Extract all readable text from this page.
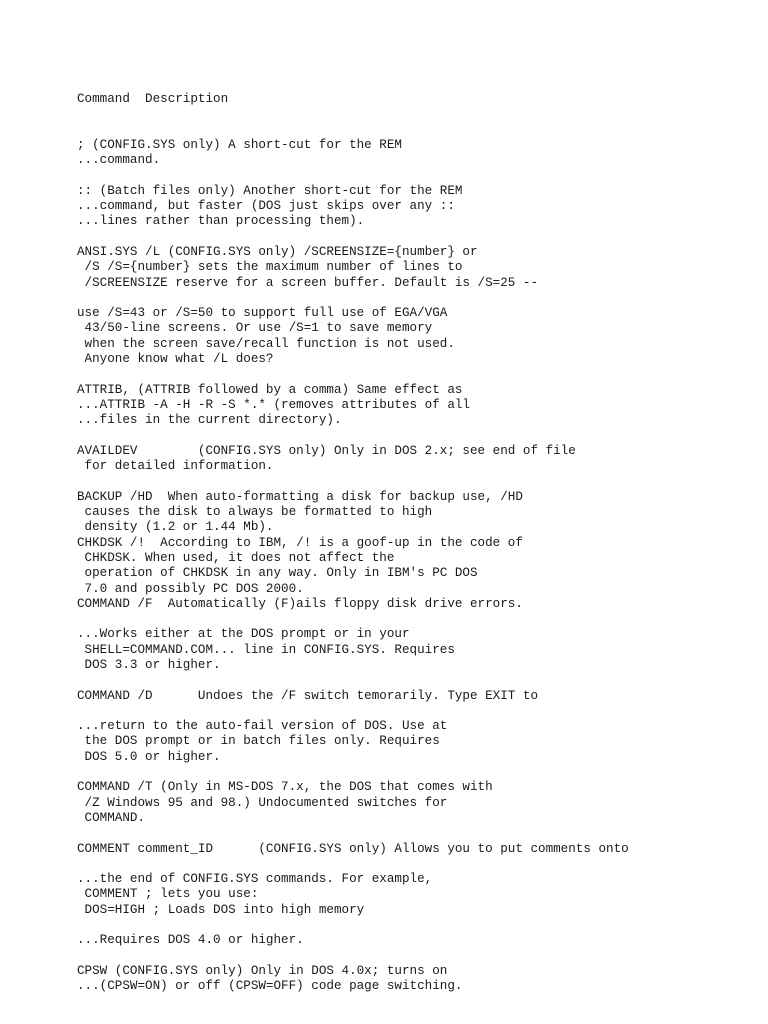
Command  Description
; (CONFIG.SYS only) A short-cut for the REM
...command.
:: (Batch files only) Another short-cut for the REM
...command, but faster (DOS just skips over any ::
...lines rather than processing them).
ANSI.SYS /L (CONFIG.SYS only) /SCREENSIZE={number} or
/S /S={number} sets the maximum number of lines to
/SCREENSIZE reserve for a screen buffer. Default is /S=25 --
use /S=43 or /S=50 to support full use of EGA/VGA
43/50-line screens. Or use /S=1 to save memory
when the screen save/recall function is not used.
Anyone know what /L does?
ATTRIB, (ATTRIB followed by a comma) Same effect as
...ATTRIB -A -H -R -S *.* (removes attributes of all
...files in the current directory).
AVAILDEV        (CONFIG.SYS only) Only in DOS 2.x; see end of file
for detailed information.
BACKUP /HD  When auto-formatting a disk for backup use, /HD
causes the disk to always be formatted to high
density (1.2 or 1.44 Mb).
CHKDSK /!  According to IBM, /! is a goof-up in the code of
CHKDSK. When used, it does not affect the
operation of CHKDSK in any way. Only in IBM's PC DOS
7.0 and possibly PC DOS 2000.
COMMAND /F  Automatically (F)ails floppy disk drive errors.
...Works either at the DOS prompt or in your
SHELL=COMMAND.COM... line in CONFIG.SYS. Requires
DOS 3.3 or higher.
COMMAND /D      Undoes the /F switch temorarily. Type EXIT to
...return to the auto-fail version of DOS. Use at
the DOS prompt or in batch files only. Requires
DOS 5.0 or higher.
COMMAND /T (Only in MS-DOS 7.x, the DOS that comes with
/Z Windows 95 and 98.) Undocumented switches for
COMMAND.
COMMENT comment_ID      (CONFIG.SYS only) Allows you to put comments onto
...the end of CONFIG.SYS commands. For example,
COMMENT ; lets you use:
DOS=HIGH ; Loads DOS into high memory
...Requires DOS 4.0 or higher.
CPSW (CONFIG.SYS only) Only in DOS 4.0x; turns on
...(CPSW=ON) or off (CPSW=OFF) code page switching.
